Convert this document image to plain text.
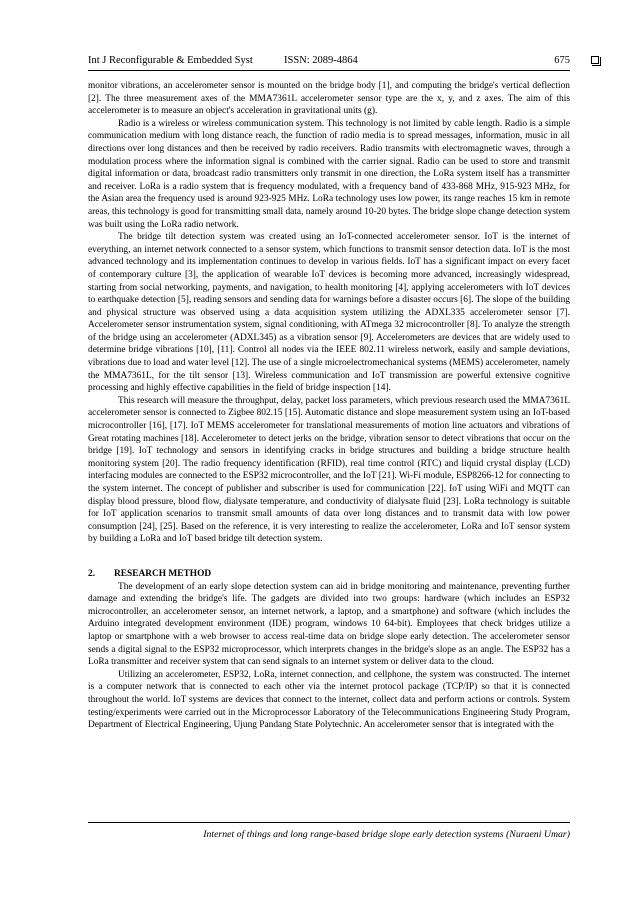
Int J Reconfigurable & Embedded Syst	ISSN: 2089-4864	675

monitor vibrations, an accelerometer sensor is mounted on the bridge body [1], and computing the bridge's vertical deflection [2]. The three measurement axes of the MMA7361L accelerometer sensor type are the x, y, and z axes. The aim of this accelerometer is to measure an object's acceleration in gravitational units (g).

Radio is a wireless or wireless communication system. This technology is not limited by cable length. Radio is a simple communication medium with long distance reach, the function of radio media is to spread messages, information, music in all directions over long distances and then be received by radio receivers. Radio transmits with electromagnetic waves, through a modulation process where the information signal is combined with the carrier signal. Radio can be used to store and transmit digital information or data, broadcast radio transmitters only transmit in one direction, the LoRa system itself has a transmitter and receiver. LoRa is a radio system that is frequency modulated, with a frequency band of 433-868 MHz, 915-923 MHz, for the Asian area the frequency used is around 923-925 MHz. LoRa technology uses low power, its range reaches 15 km in remote areas, this technology is good for transmitting small data, namely around 10-20 bytes. The bridge slope change detection system was built using the LoRa radio network.

The bridge tilt detection system was created using an IoT-connected accelerometer sensor. IoT is the internet of everything, an internet network connected to a sensor system, which functions to transmit sensor detection data. IoT is the most advanced technology and its implementation continues to develop in various fields. IoT has a significant impact on every facet of contemporary culture [3], the application of wearable IoT devices is becoming more advanced, increasingly widespread, starting from social networking, payments, and navigation, to health monitoring [4], applying accelerometers with IoT devices to earthquake detection [5], reading sensors and sending data for warnings before a disaster occurs [6]. The slope of the building and physical structure was observed using a data acquisition system utilizing the ADXL335 accelerometer sensor [7]. Accelerometer sensor instrumentation system, signal conditioning, with ATmega 32 microcontroller [8]. To analyze the strength of the bridge using an accelerometer (ADXL345) as a vibration sensor [9]. Accelerometers are devices that are widely used to determine bridge vibrations [10], [11]. Control all nodes via the IEEE 802.11 wireless network, easily and sample deviations, vibrations due to load and water level [12]. The use of a single microelectromechanical systems (MEMS) accelerometer, namely the MMA7361L, for the tilt sensor [13]. Wireless communication and IoT transmission are powerful extensive cognitive processing and highly effective capabilities in the field of bridge inspection [14].

This research will measure the throughput, delay, packet loss parameters, which previous research used the MMA7361L accelerometer sensor is connected to Zigbee 802.15 [15]. Automatic distance and slope measurement system using an IoT-based microcontroller [16], [17]. IoT MEMS accelerometer for translational measurements of motion line actuators and vibrations of Great rotating machines [18]. Accelerometer to detect jerks on the bridge, vibration sensor to detect vibrations that occur on the bridge [19]. IoT technology and sensors in identifying cracks in bridge structures and building a bridge structure health monitoring system [20]. The radio frequency identification (RFID), real time control (RTC) and liquid crystal display (LCD) interfacing modules are connected to the ESP32 microcontroller, and the IoT [21]. Wi-Fi module, ESP8266-12 for connecting to the system internet. The concept of publisher and subscriber is used for communication [22]. IoT using WiFi and MQTT can display blood pressure, blood flow, dialysate temperature, and conductivity of dialysate fluid [23]. LoRa technology is suitable for IoT application scenarios to transmit small amounts of data over long distances and to transmit data with low power consumption [24], [25]. Based on the reference, it is very interesting to realize the accelerometer, LoRa and IoT sensor system by building a LoRa and IoT based bridge tilt detection system.

2. RESEARCH METHOD

The development of an early slope detection system can aid in bridge monitoring and maintenance, preventing further damage and extending the bridge's life. The gadgets are divided into two groups: hardware (which includes an ESP32 microcontroller, an accelerometer sensor, an internet network, a laptop, and a smartphone) and software (which includes the Arduino integrated development environment (IDE) program, windows 10 64-bit). Employees that check bridges utilize a laptop or smartphone with a web browser to access real-time data on bridge slope early detection. The accelerometer sensor sends a digital signal to the ESP32 microprocessor, which interprets changes in the bridge's slope as an angle. The ESP32 has a LoRa transmitter and receiver system that can send signals to an internet system or deliver data to the cloud.

Utilizing an accelerometer, ESP32, LoRa, internet connection, and cellphone, the system was constructed. The internet is a computer network that is connected to each other via the internet protocol package (TCP/IP) so that it is connected throughout the world. IoT systems are devices that connect to the internet, collect data and perform actions or controls. System testing/experiments were carried out in the Microprocessor Laboratory of the Telecommunications Engineering Study Program, Department of Electrical Engineering, Ujung Pandang State Polytechnic. An accelerometer sensor that is integrated with the

Internet of things and long range-based bridge slope early detection systems (Nuraeni Umar)
